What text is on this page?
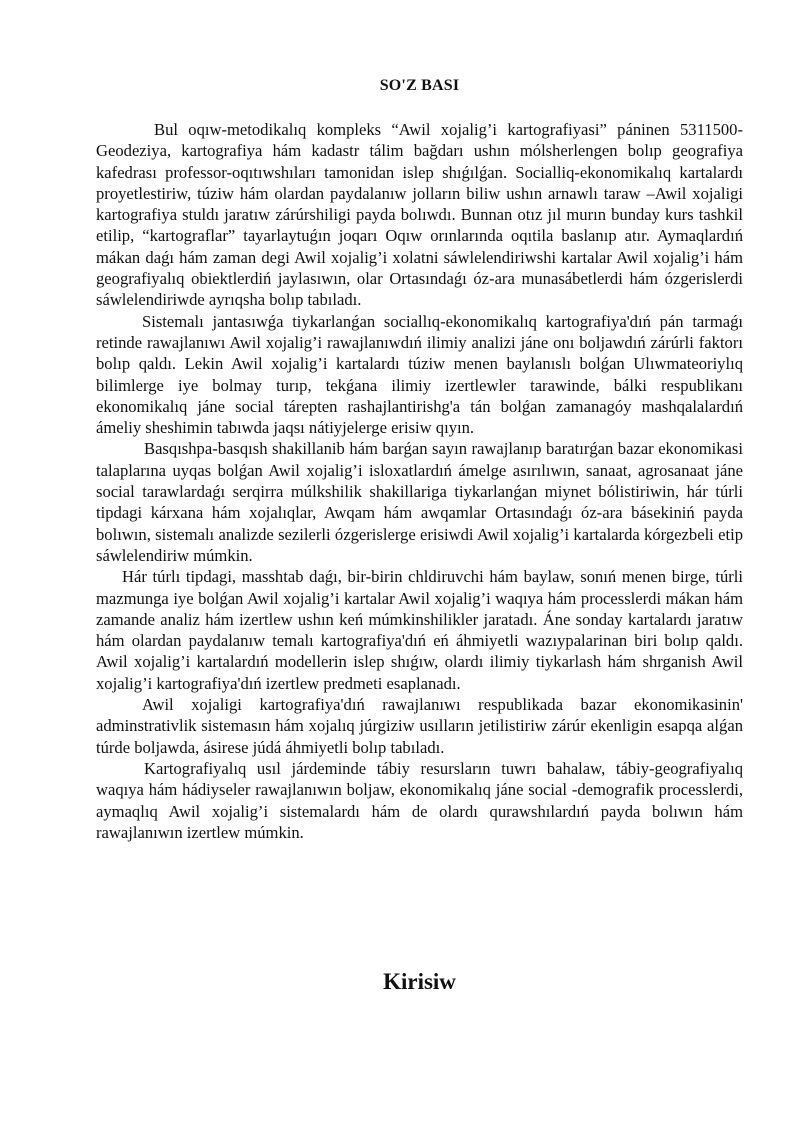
SO'Z BASI

Bul oqıw-metodikalıq kompleks “Awil xojalig’i kartografiyasi” páninen 5311500-Geodeziya, kartografiya hám kadastr tálim bağdarı ushın mólsherlengen bolıp geografiya kafedrası professor-oqıtıwshıları tamonidan islep shıǵılǵan. Socialliq-ekonomikalıq kartalardı proyetlestiriw, túziw hám olardan paydalanıw jolların biliw ushın arnawlı taraw –Awil xojaligi kartografiya stuldı jaratıw zárúrshiligi payda bolıwdı. Bunnan otız jıl murın bunday kurs tashkil etilip, “kartograflar” tayarlaytuǵın joqarı Oqıw orınlarında oqıtila baslanıp atır. Aymaqlardıń mákan daǵı hám zaman degi Awil xojalig’i xolatni sáwlelendiriwshi kartalar Awil xojalig’i hám geografiyalıq obiektlerdiń jaylasıwın, olar Ortasındaǵı óz-ara munasábetlerdi hám ózgerislerdi sáwlelendiriwde ayrıqsha bolıp tabıladı.

Sistemalı jantasıwǵa tiykarlanǵan sociallıq-ekonomikalıq kartografiya'dıń pán tarmaǵı retinde rawajlanıwı Awil xojalig’i rawajlanıwdıń ilimiy analizi jáne onı boljawdıń zárúrli faktorı bolıp qaldı. Lekin Awil xojalig’i kartalardı túziw menen baylanıslı bolǵan Ulıwmateoriylıq bilimlerge iye bolmay turıp, tekǵana ilimiy izertlewler tarawinde, bálki respublikanı ekonomikalıq jáne social tárepten rashajlantirishg'a tán bolǵan zamanagóy mashqalalardıń ámeliy sheshimin tabıwda jaqsı nátiyjelerge erisiw qıyın.

Basqıshpa-basqısh shakillanib hám barǵan sayın rawajlanıp baratırǵan bazar ekonomikasi talaplarına uyqas bolǵan Awil xojalig’i isloxatlardıń ámelge asırılıwın, sanaat, agrosanaat jáne social tarawlardaǵı serqirra múlkshilik shakillariga tiykarlanǵan miynet bólistiriwin, hár túrli tipdagi kárxana hám xojalıqlar, Awqam hám awqamlar Ortasındaǵı óz-ara básekiniń payda bolıwın, sistemalı analizde sezilerli ózgerislerge erisiwdi Awil xojalig’i kartalarda kórgezbeli etip sáwlelendiriw múmkin.

Hár túrlı tipdagi, masshtab daǵı, bir-birin chldiruvchi hám baylaw, sonıń menen birge, túrli mazmunga iye bolǵan Awil xojalig’i kartalar Awil xojalig’i waqıya hám processlerdi mákan hám zamande analiz hám izertlew ushın keń múmkinshilikler jaratadı. Áne sonday kartalardı jaratıw hám olardan paydalanıw temalı kartografiya'dıń eń áhmiyetli wazıypalarinan biri bolıp qaldı. Awil xojalig’i kartalardıń modellerin islep shıǵıw, olardı ilimiy tiykarlash hám shrganish Awil xojalig’i kartografiya'dıń izertlew predmeti esaplanadı.

Awil xojaligi kartografiya'dıń rawajlanıwı respublikada bazar ekonomikasinin' adminstrativlik sistemasın hám xojalıq júrgiziw usılların jetilistiriw zárúr ekenligin esapqa alǵan túrde boljawda, ásirese júdá áhmiyetli bolıp tabıladı.

Kartografiyalıq usıl járdeminde tábiy resursların tuwrı bahalaw, tábiy-geografiyalıq waqıya hám hádiyseler rawajlanıwın boljaw, ekonomikalıq jáne social -demografik processlerdi, aymaqlıq Awil xojalig’i sistemalardı hám de olardı qurawshılardıń payda bolıwın hám rawajlanıwın izertlew múmkin.

Kirisiw
